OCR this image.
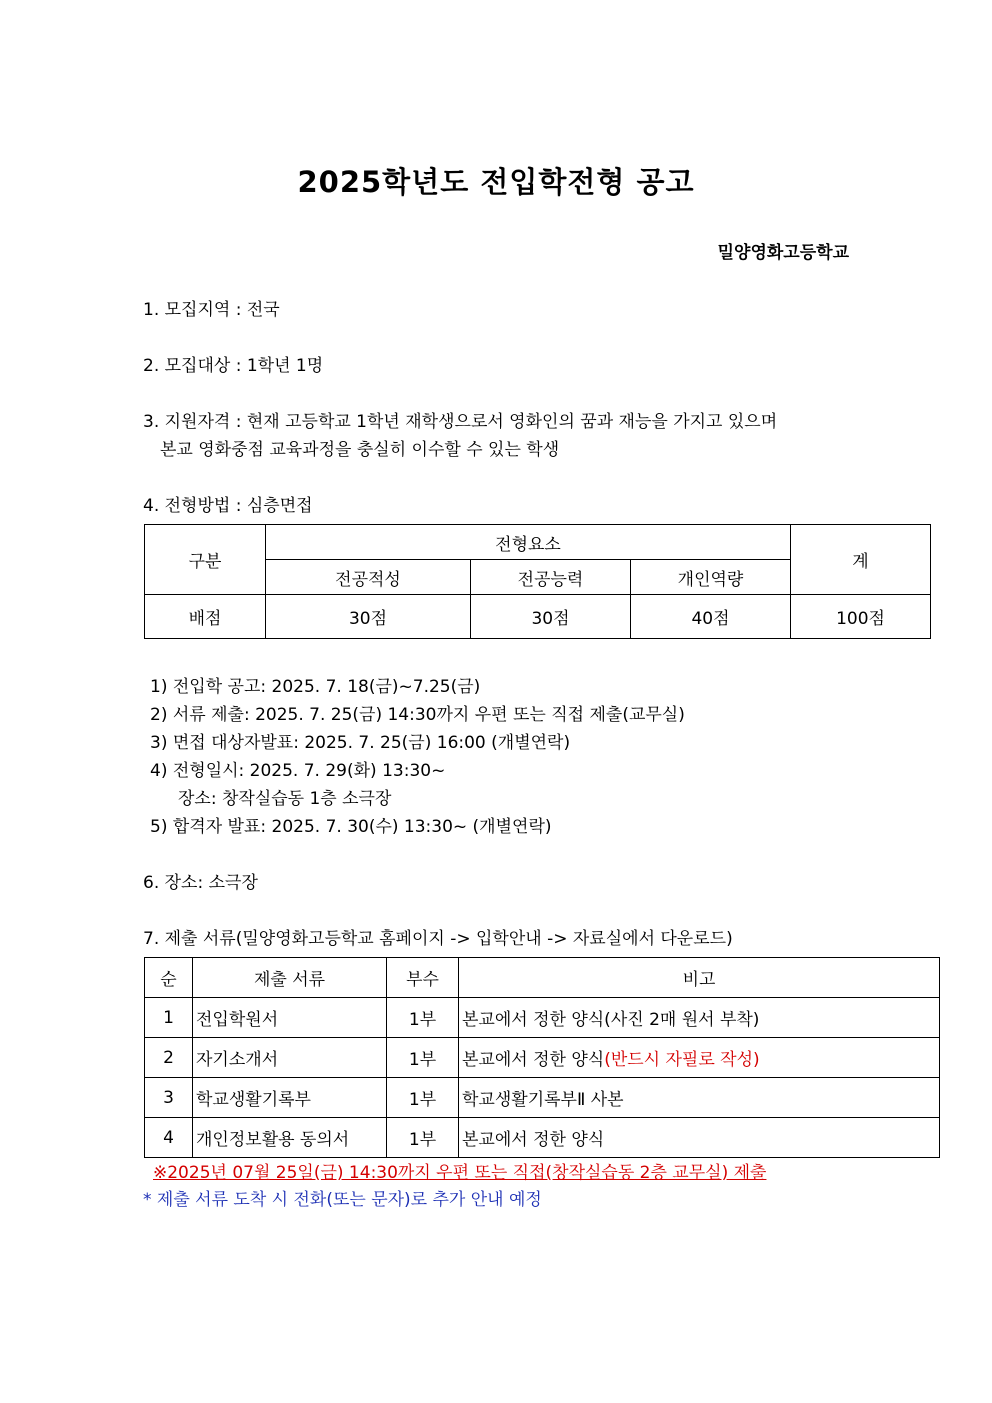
2025학년도 전입학전형 공고
밀양영화고등학교
1. 모집지역 : 전국
2. 모집대상 : 1학년 1명
3. 지원자격 : 현재 고등학교 1학년 재학생으로서 영화인의 꿈과 재능을 가지고 있으며
본교 영화중점 교육과정을 충실히 이수할 수 있는 학생
4. 전형방법 : 심층면접
구분	전형요소			계
	전공적성	전공능력	개인역량	
배점	30점	30점	40점	100점
1) 전입학 공고: 2025. 7. 18(금)~7.25(금)
2) 서류 제출: 2025. 7. 25(금) 14:30까지 우편 또는 직접 제출(교무실)
3) 면접 대상자발표: 2025. 7. 25(금) 16:00 (개별연락)
4) 전형일시: 2025. 7. 29(화) 13:30~
장소: 창작실습동 1층 소극장
5) 합격자 발표: 2025. 7. 30(수) 13:30~ (개별연락)
6. 장소: 소극장
7. 제출 서류(밀양영화고등학교 홈페이지 -> 입학안내 -> 자료실에서 다운로드)
순	제출 서류	부수	비고
1	전입학원서	1부	본교에서 정한 양식(사진 2매 원서 부착)
2	자기소개서	1부	본교에서 정한 양식(반드시 자필로 작성)
3	학교생활기록부	1부	학교생활기록부Ⅱ 사본
4	개인정보활용 동의서	1부	본교에서 정한 양식
※2025년 07월 25일(금) 14:30까지 우편 또는 직접(창작실습동 2층 교무실) 제출
* 제출 서류 도착 시 전화(또는 문자)로 추가 안내 예정
